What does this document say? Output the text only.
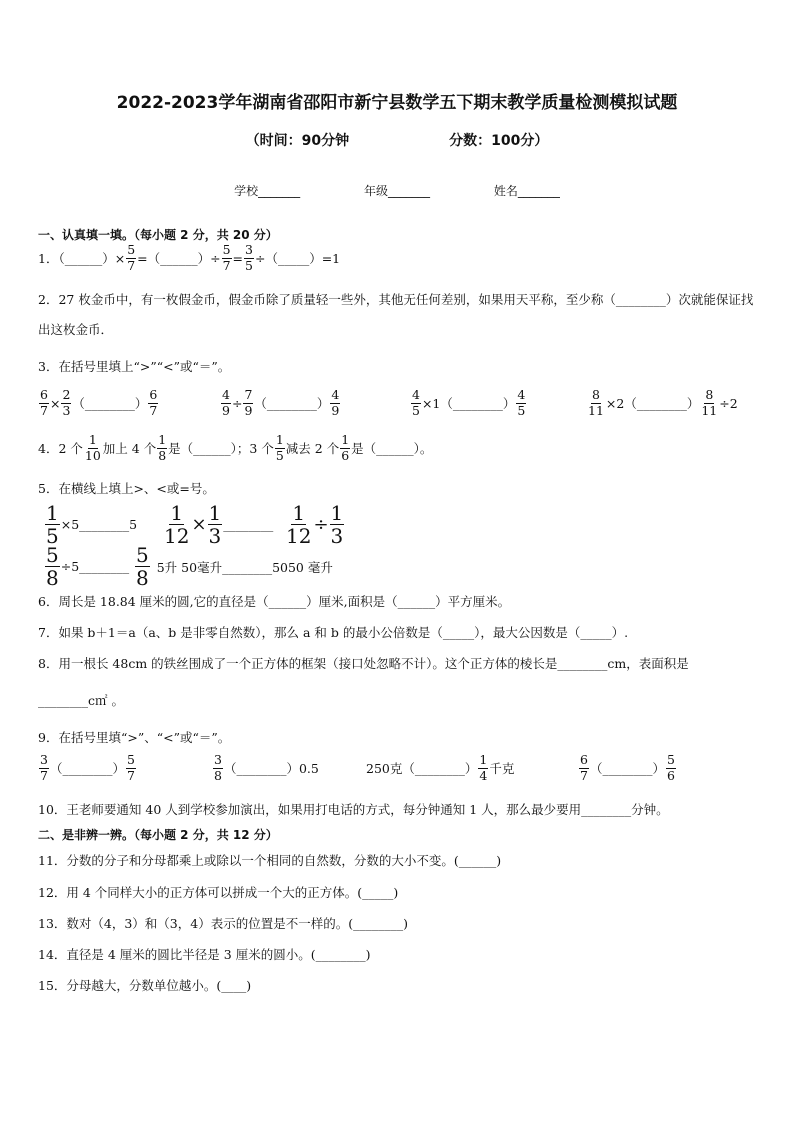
2022-2023学年湖南省邵阳市新宁县数学五下期末教学质量检测模拟试题
（时间：90分钟	分数：100分）
学校_______	年级_______	姓名_______
一、认真填一填。（每小题 2 分，共 20 分）
1．（______）× $\frac{5}{7}$ =（______）÷ $\frac{5}{7} = \frac{3}{5}$ ÷（_____）=1
2．27 枚金币中，有一枚假金币，假金币除了质量轻一些外，其他无任何差别，如果用天平称，至少称（________）次就能保证找出这枚金币．
3．在括号里填上“>”“<”或“＝”。
$\frac{6}{7} \times \frac{2}{3}$ （________） $\frac{6}{7}$	$\frac{4}{9} \div \frac{7}{9}$ （________） $\frac{4}{9}$	$\frac{4}{5} \times 1$ （________） $\frac{4}{5}$	$\frac{8}{11} \times 2$ （________） $\frac{8}{11} \div 2$
4．2 个 $\frac{1}{10}$ 加上 4 个 $\frac{1}{8}$ 是（______）；3 个 $\frac{1}{5}$ 减去 2 个 $\frac{1}{6}$ 是（______）。
5．在横线上填上>、<或=号。
$\frac{1}{5}$ ×5________5 $\frac{1}{12} \times \frac{1}{3}$ ________ $\frac{1}{12} \div \frac{1}{3}$
$\frac{5}{8}$ ÷5________ $\frac{5}{8} 5$升 50毫升________5050 毫升
6．周长是 18.84 厘米的圆,它的直径是（______）厘米,面积是（______）平方厘米。
7．如果 b＋1＝a（a、b 是非零自然数），那么 a 和 b 的最小公倍数是（_____），最大公因数是（_____）.
8．用一根长 48cm 的铁丝围成了一个正方体的框架（接口处忽略不计）。这个正方体的棱长是________cm，表面积是
________c㎡ 。
9．在括号里填“>”、“<”或“＝”。
$\frac{3}{7}$ （________） $\frac{5}{7}$	$\frac{3}{8}$ （________）0.5	250克（________） $\frac{1}{4}$ 千克	$\frac{6}{7}$ （________） $\frac{5}{6}$
10．王老师要通知 40 人到学校参加演出，如果用打电话的方式，每分钟通知 1 人，那么最少要用________分钟。
二、是非辨一辨。（每小题 2 分，共 12 分）
11．分数的分子和分母都乘上或除以一个相同的自然数，分数的大小不变。(______)
12．用 4 个同样大小的正方体可以拼成一个大的正方体。(_____)
13．数对（4，3）和（3，4）表示的位置是不一样的。(________)
14．直径是 4 厘米的圆比半径是 3 厘米的圆小。(________)
15．分母越大，分数单位越小。(____)
